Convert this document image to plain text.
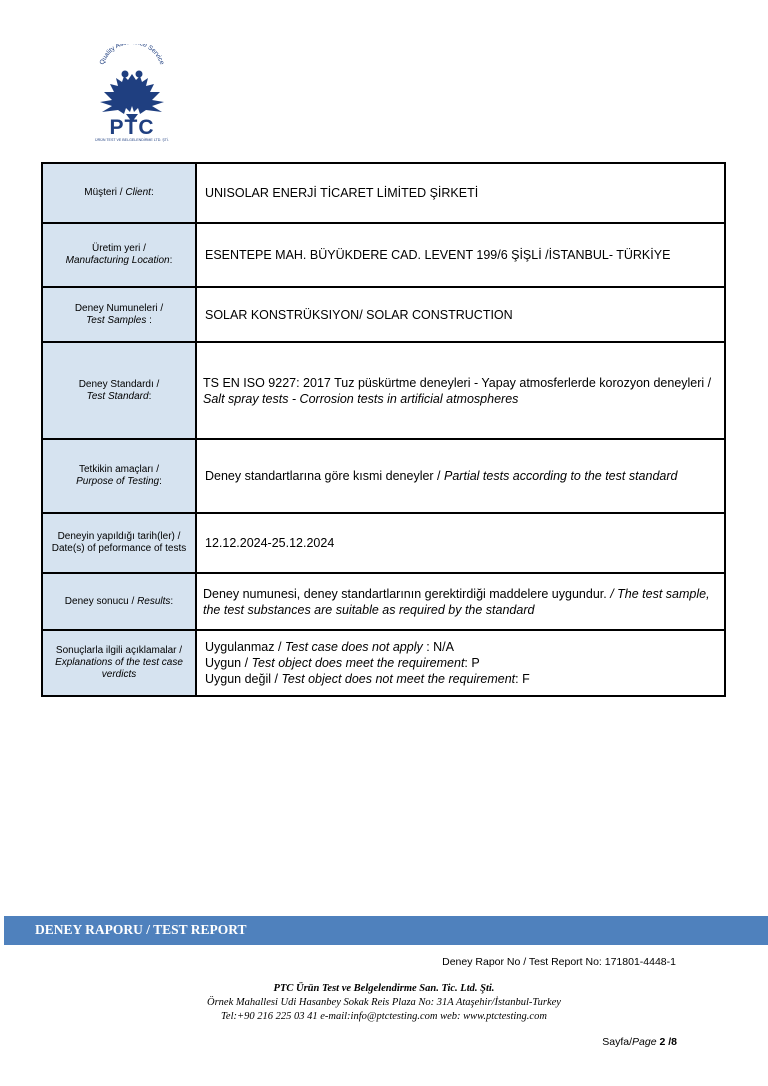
Quality As e Service
PTC
ÜRÜN TEST VE BELGELENDİRME LTD. ŞTİ.
Müşteri / Client:	UNISOLAR ENERJİ TİCARET LİMİTED ŞİRKETİ
Üretim yeri /
Manufacturing Location:	ESENTEPE MAH. BÜYÜKDERE CAD. LEVENT 199/6 ŞİŞLİ /İSTANBUL- TÜRKİYE
Deney Numuneleri /
Test Samples :	SOLAR KONSTRÜKSIYON/ SOLAR CONSTRUCTION
Deney Standardı /
Test Standard:	TS EN ISO 9227: 2017 Tuz püskürtme deneyleri - Yapay atmosferlerde korozyon deneyleri / Salt spray tests - Corrosion tests in artificial atmospheres
Tetkikin amaçları /
Purpose of Testing:	Deney standartlarına göre kısmi deneyler / Partial tests according to the test standard
Deneyin yapıldığı tarih(ler) / Date(s) of peformance of tests	12.12.2024-25.12.2024
Deney sonucu / Results:	Deney numunesi, deney standartlarının gerektirdiği maddelere uygundur. / The test sample, the test substances are suitable as required by the standard
Sonuçlarla ilgili açıklamalar / Explanations of the test case verdicts	Uygulanmaz / Test case does not apply : N/A
Uygun / Test object does meet the requirement: P
Uygun değil / Test object does not meet the requirement: F
DENEY RAPORU / TEST REPORT
Deney Rapor No / Test Report No: 171801-4448-1
PTC Ürün Test ve Belgelendirme San. Tic. Ltd. Şti.
Örnek Mahallesi Udi Hasanbey Sokak Reis Plaza No: 31A Ataşehir/İstanbul-Turkey
Tel:+90 216 225 03 41 e-mail:info@ptctesting.com web: www.ptctesting.com
Sayfa/Page 2 /8
